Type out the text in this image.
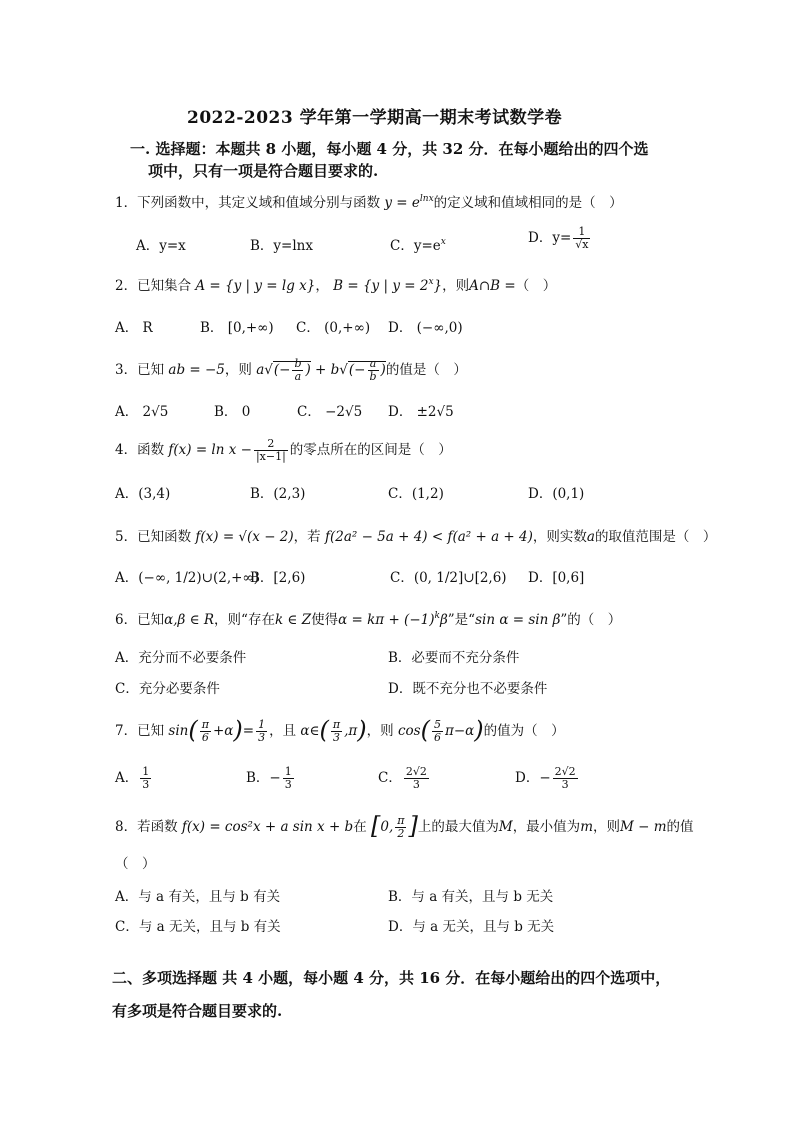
2022-2023 学年第一学期高一期末考试数学卷
一. 选择题：本题共 8 小题，每小题 4 分，共 32 分．在每小题给出的四个选
项中，只有一项是符合题目要求的.
1．下列函数中，其定义域和值域分别与函数 $y = e^{lnx}$的定义域和值域相同的是（　）
A．y=x	B．y=lnx	C．$y=e^x$	D．$y= \frac{1}{√x}$
2．已知集合 A = {y | y = lg x}， B = {y | $y = 2^x$}，则A∩B =（　）
A． R	B． [0,+∞) C． (0,+∞) D． (−∞,0)
3．已知 ab = −5，则 $a√(- \frac{b}{a}$ ) + $b√(- \frac{a}{b}$ )的值是（　）
A． 2√5	B． 0	C． −2√5 D． ±2√5
4．函数 $f(x) = \ln x - \frac{2}{|x-1|}$ 的零点所在的区间是（　）
A．(3,4)	B．(2,3)	C．(1,2)	D．(0,1)
5．已知函数 f(x) = √(x − 2)，若 f(2a² − 5a + 4) < f(a² + a + 4)，则实数a的取值范围是（　）
A．(−∞, 1/2)∪(2,+∞)
B．[2,6)	C．(0, 1/2]∪[2,6) D．[0,6]
6．已知α,β ∈ R，则“存在k ∈ Z使得$\alpha = k\pi + (-1)^k\beta$”是“sin α = sin β”的（　）
A．充分而不必要条件	B．必要而不充分条件
C．充分必要条件	D．既不充分也不必要条件
7．已知 $\sin( \frac{\pi}{6} +\alpha)= \frac{1}{3}$ ，且 α∈( $\frac{\pi}{3} ,\pi$)，则 $\cos( \frac{5}{6} \pi-\alpha)$的值为（　）
A． $\frac{1}{3}$	B．− $\frac{1}{3}$	C． $\frac{2√2}{3}$	D．− $\frac{2√2}{3}$
8．若函数 f(x) = cos²x + a sin x + b在 [0, $\frac{\pi}{2}$ ]上的最大值为M，最小值为m，则M − m的值
（　）
A．与 a 有关，且与 b 有关	B．与 a 有关，且与 b 无关
C．与 a 无关，且与 b 有关	D．与 a 无关，且与 b 无关
二、多项选择题 共 4 小题，每小题 4 分，共 16 分．在每小题给出的四个选项中，
有多项是符合题目要求的.
